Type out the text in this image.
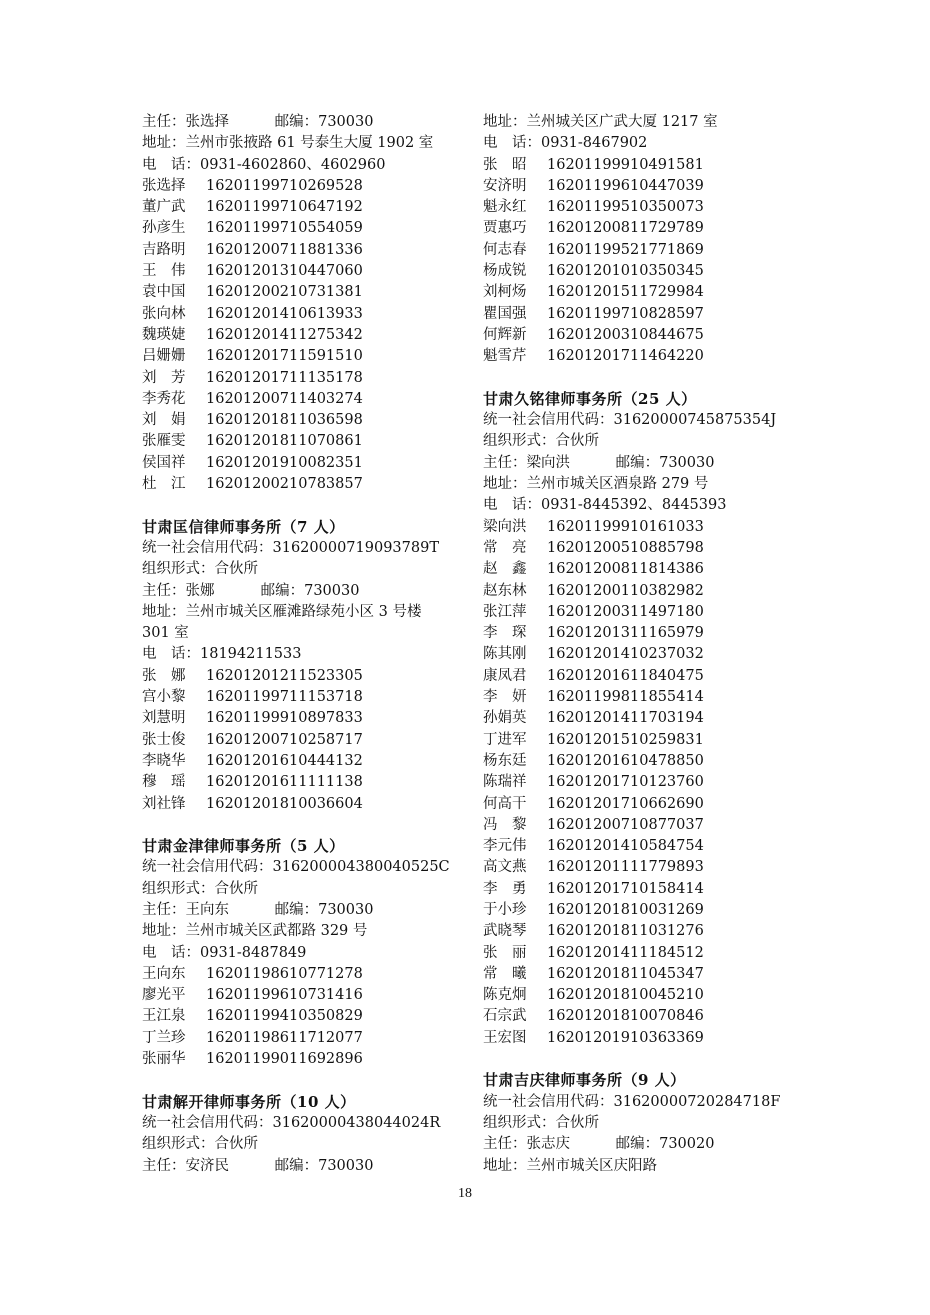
主任：张选择	邮编：730030
地址：兰州市张掖路 61 号泰生大厦 1902 室
电　话：0931-4602860、4602960
张选择 16201199710269528
董广武 16201199710647192
孙彦生 16201199710554059
吉路明 16201200711881336
王　伟 16201201310447060
袁中国 16201200210731381
张向林 16201201410613933
魏瑛婕 16201201411275342
吕姗姗 16201201711591510
刘　芳 16201201711135178
李秀花 16201200711403274
刘　娟 16201201811036598
张雁雯 16201201811070861
侯国祥 16201201910082351
杜　江 16201200210783857
甘肃匡信律师事务所（7 人）
统一社会信用代码：31620000719093789T
组织形式：合伙所
主任：张娜	邮编：730030
地址：兰州市城关区雁滩路绿苑小区 3 号楼
301 室
电　话：18194211533
张　娜 16201201211523305
宫小黎 16201199711153718
刘慧明 16201199910897833
张士俊 16201200710258717
李晓华 16201201610444132
穆　瑶 16201201611111138
刘社锋 16201201810036604
甘肃金津律师事务所（5 人）
统一社会信用代码：316200004380040525C
组织形式：合伙所
主任：王向东	邮编：730030
地址：兰州市城关区武都路 329 号
电　话：0931-8487849
王向东 16201198610771278
廖光平 16201199610731416
王江泉 16201199410350829
丁兰珍 16201198611712077
张丽华 16201199011692896
甘肃解开律师事务所（10 人）
统一社会信用代码：31620000438044024R
组织形式：合伙所
主任：安济民	邮编：730030
地址：兰州城关区广武大厦 1217 室
电　话：0931-8467902
张　昭 16201199910491581
安济明 16201199610447039
魁永红 16201199510350073
贾惠巧 16201200811729789
何志春 16201199521771869
杨成锐 16201201010350345
刘柯炀 16201201511729984
瞿国强 16201199710828597
何辉新 16201200310844675
魁雪芹 16201201711464220
甘肃久铭律师事务所（25 人）
统一社会信用代码：31620000745875354J
组织形式：合伙所
主任：梁向洪	邮编：730030
地址：兰州市城关区酒泉路 279 号
电　话：0931-8445392、8445393
梁向洪 16201199910161033
常　亮 16201200510885798
赵　鑫 16201200811814386
赵东林 16201200110382982
张江萍 16201200311497180
李　琛 16201201311165979
陈其刚 16201201410237032
康凤君 16201201611840475
李　妍 16201199811855414
孙娟英 16201201411703194
丁进军 16201201510259831
杨东廷 16201201610478850
陈瑞祥 16201201710123760
何高干 16201201710662690
冯　黎 16201200710877037
李元伟 16201201410584754
高文燕 16201201111779893
李　勇 16201201710158414
于小珍 16201201810031269
武晓琴 16201201811031276
张　丽 16201201411184512
常　曦 16201201811045347
陈克炯 16201201810045210
石宗武 16201201810070846
王宏图 16201201910363369
甘肃吉庆律师事务所（9 人）
统一社会信用代码：31620000720284718F
组织形式：合伙所
主任：张志庆	邮编：730020
地址：兰州市城关区庆阳路
18
